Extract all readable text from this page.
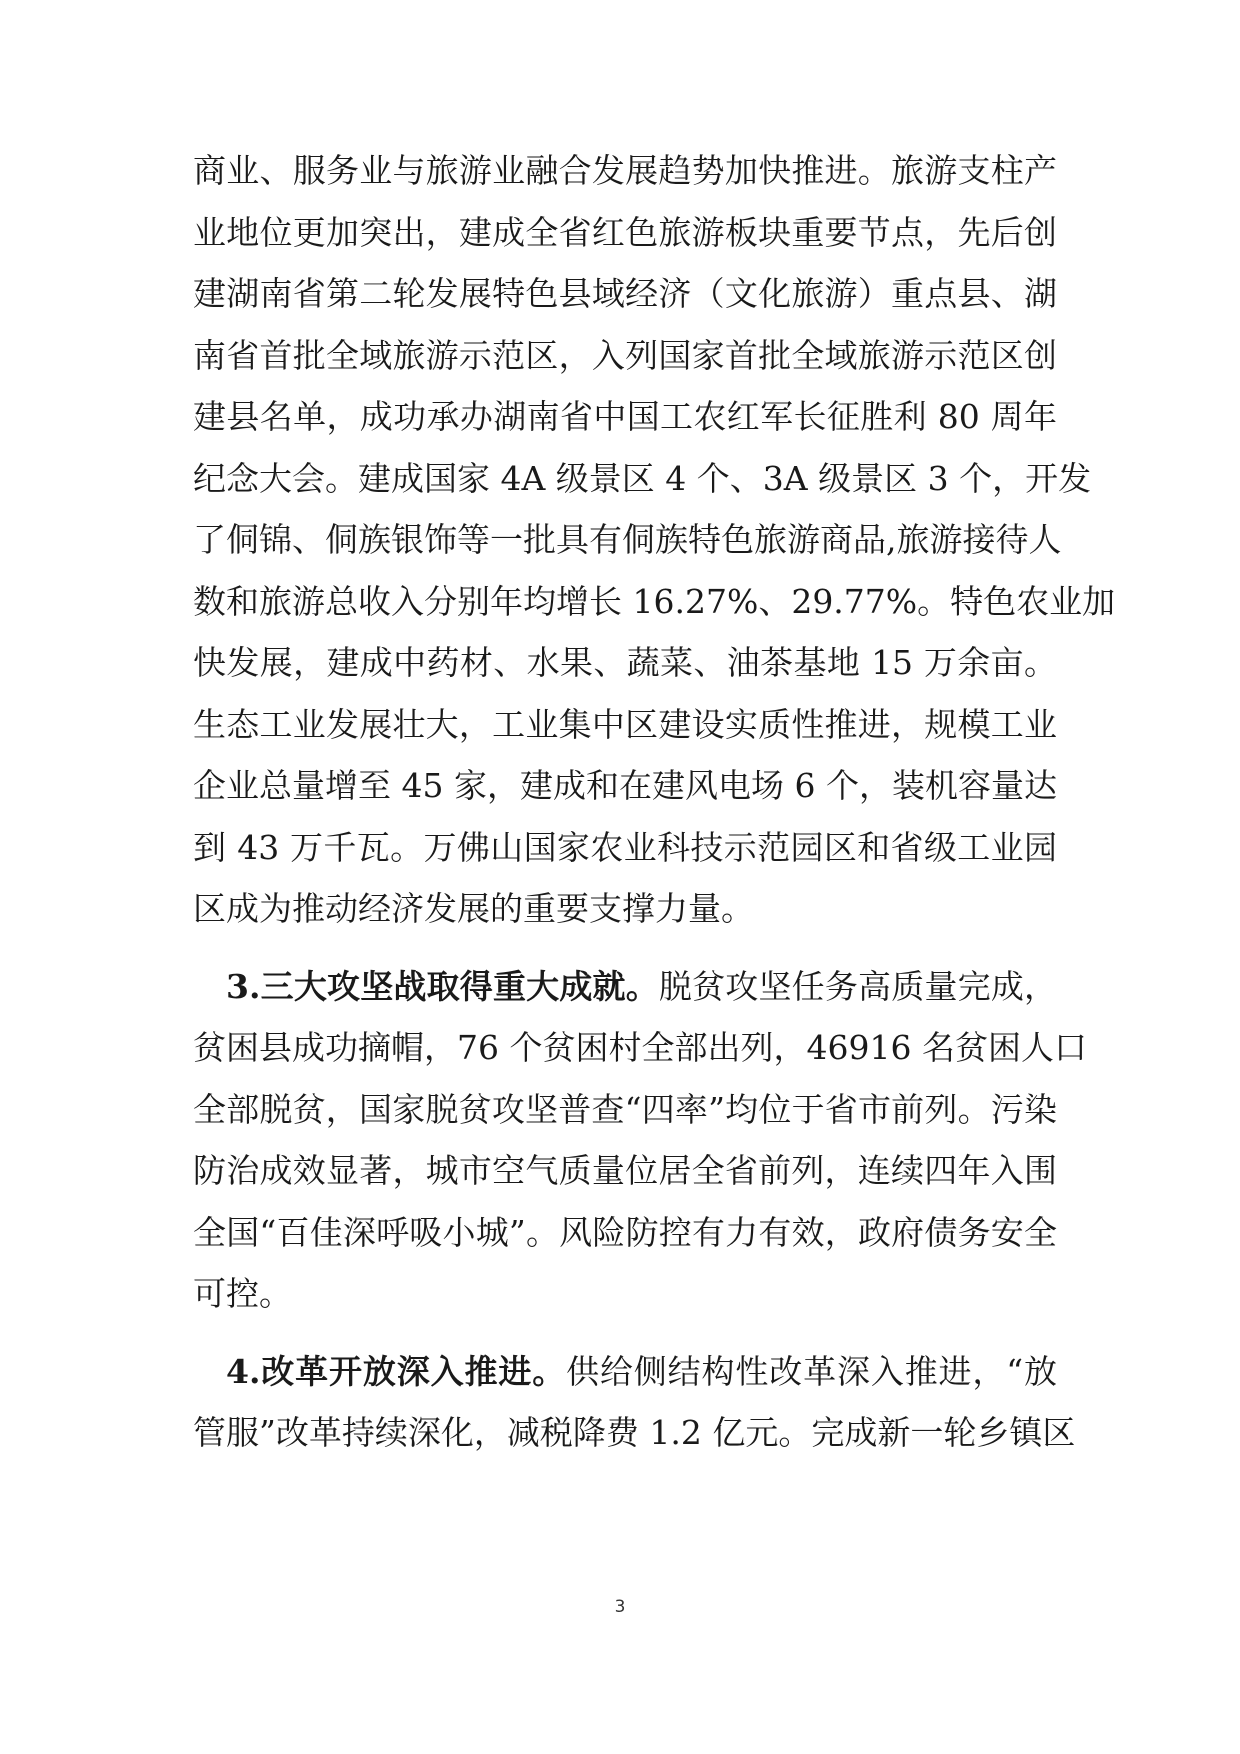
商业、服务业与旅游业融合发展趋势加快推进。旅游支柱产
业地位更加突出，建成全省红色旅游板块重要节点，先后创
建湖南省第二轮发展特色县域经济（文化旅游）重点县、湖
南省首批全域旅游示范区，入列国家首批全域旅游示范区创
建县名单，成功承办湖南省中国工农红军长征胜利 80 周年
纪念大会。建成国家 4A 级景区 4 个、3A 级景区 3 个，开发
了侗锦、侗族银饰等一批具有侗族特色旅游商品,旅游接待人
数和旅游总收入分别年均增长 16.27%、29.77%。特色农业加
快发展，建成中药材、水果、蔬菜、油茶基地 15 万余亩。
生态工业发展壮大，工业集中区建设实质性推进，规模工业
企业总量增至 45 家，建成和在建风电场 6 个，装机容量达
到 43 万千瓦。万佛山国家农业科技示范园区和省级工业园
区成为推动经济发展的重要支撑力量。
3.三大攻坚战取得重大成就。脱贫攻坚任务高质量完成，
贫困县成功摘帽，76 个贫困村全部出列，46916 名贫困人口
全部脱贫，国家脱贫攻坚普查“四率”均位于省市前列。污染
防治成效显著，城市空气质量位居全省前列，连续四年入围
全国“百佳深呼吸小城”。风险防控有力有效，政府债务安全
可控。
4.改革开放深入推进。供给侧结构性改革深入推进，“放
管服”改革持续深化，减税降费 1.2 亿元。完成新一轮乡镇区
3
